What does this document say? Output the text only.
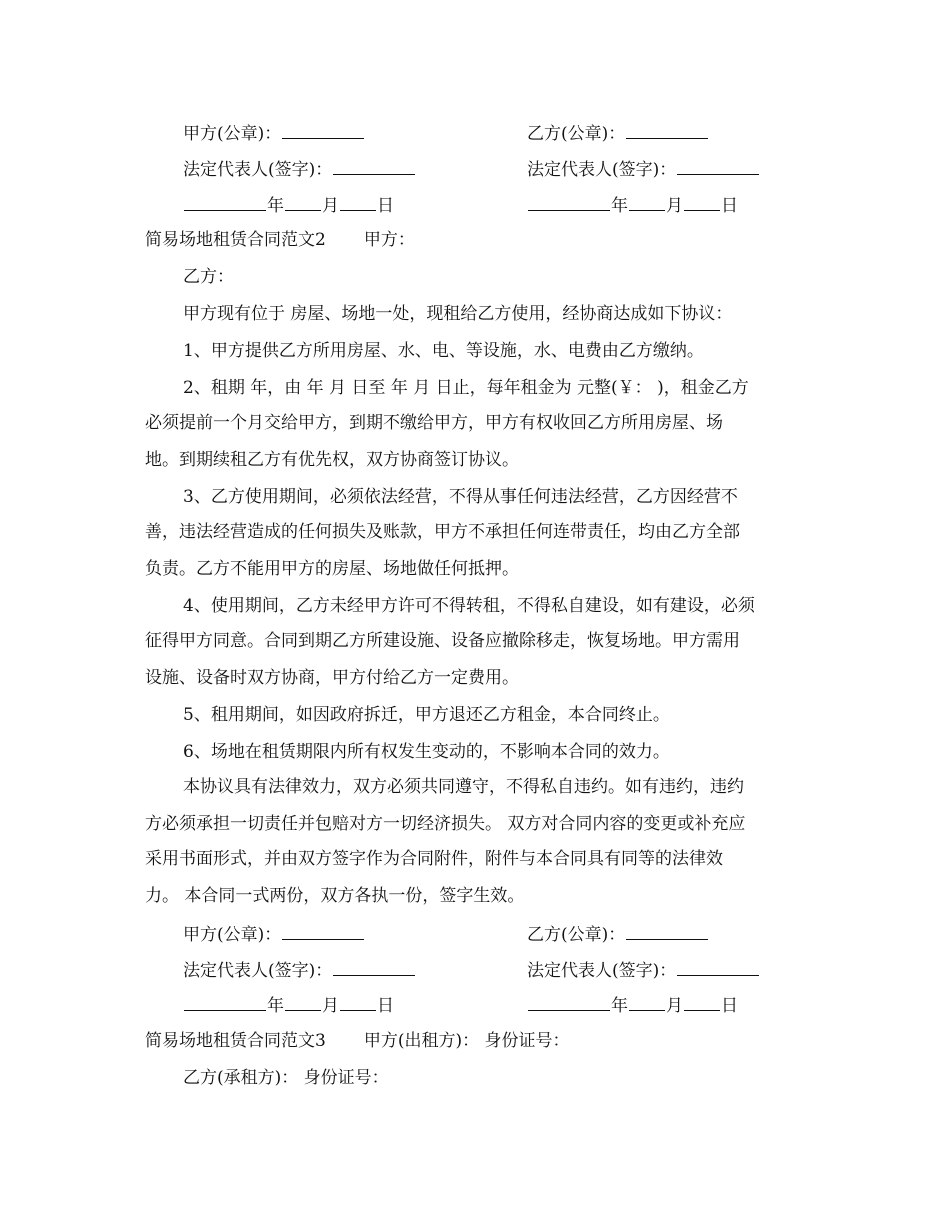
甲方(公章)：	乙方(公章)：
法定代表人(签字)：	法定代表人(签字)：
年 月 日	年 月 日
简易场地租赁合同范文2 甲方：
乙方：
甲方现有位于 房屋、场地一处，现租给乙方使用，经协商达成如下协议：
1、甲方提供乙方所用房屋、水、电、等设施，水、电费由乙方缴纳。
2、租期 年，由 年 月 日至 年 月 日止，每年租金为 元整(￥： )，租金乙方
必须提前一个月交给甲方，到期不缴给甲方，甲方有权收回乙方所用房屋、场
地。到期续租乙方有优先权，双方协商签订协议。
3、乙方使用期间，必须依法经营，不得从事任何违法经营，乙方因经营不
善，违法经营造成的任何损失及账款，甲方不承担任何连带责任，均由乙方全部
负责。乙方不能用甲方的房屋、场地做任何抵押。
4、使用期间，乙方未经甲方许可不得转租，不得私自建设，如有建设，必须
征得甲方同意。合同到期乙方所建设施、设备应撤除移走，恢复场地。甲方需用
设施、设备时双方协商，甲方付给乙方一定费用。
5、租用期间，如因政府拆迁，甲方退还乙方租金，本合同终止。
6、场地在租赁期限内所有权发生变动的，不影响本合同的效力。
本协议具有法律效力，双方必须共同遵守，不得私自违约。如有违约，违约
方必须承担一切责任并包赔对方一切经济损失。 双方对合同内容的变更或补充应
采用书面形式，并由双方签字作为合同附件，附件与本合同具有同等的法律效
力。 本合同一式两份，双方各执一份，签字生效。
甲方(公章)：	乙方(公章)：
法定代表人(签字)：	法定代表人(签字)：
年 月 日	年 月 日
简易场地租赁合同范文3 甲方(出租方)： 身份证号：
乙方(承租方)： 身份证号：
